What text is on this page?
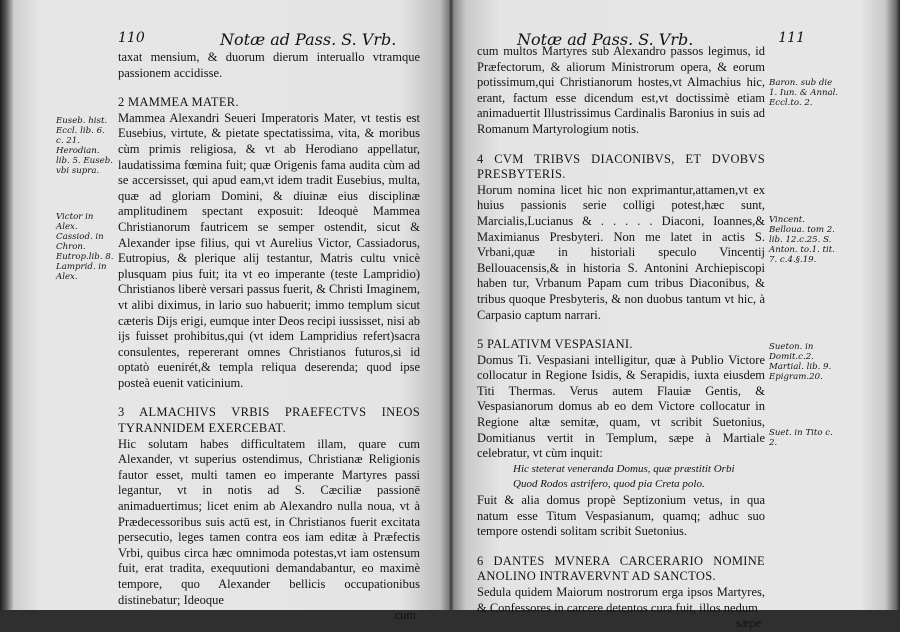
110	Notæ ad Pass. S. Vrb.
Euseb. hist. Eccl. lib. 6. c. 21. Herodian. lib. 5. Euseb. vbi supra.
Victor in Alex. Cassiod. in Chron. Eutrop.lib. 8. Lamprid. in Alex.

taxat mensium, & duorum dierum interuallo vtramque passionem accidisse.

2 MAMMEA MATER.
Mammea Alexandri Seueri Imperatoris Mater, vt testis est Eusebius, virtute, & pietate spectatissima, vita, & moribus cùm primis religiosa, & vt ab Herodiano appellatur, laudatissima fœmina fuit; quæ Origenis fama audita cùm ad se accersisset, qui apud eam,vt idem tradit Eusebius, multa, quæ ad gloriam Domini, & diuinæ eius disciplinæ amplitudinem spectant exposuit: Ideoquè Mammea Christianorum fautricem se semper ostendit, sicut & Alexander ipse filius, qui vt Aurelius Victor, Cassiadorus, Eutropius, & plerique alij testantur, Matris cultu vnicè plusquam pius fuit; ita vt eo imperante (teste Lampridio) Christianos liberè versari passus fuerit, & Christi Imaginem, vt alibi diximus, in lario suo habuerit; immo templum sicut cæteris Dijs erigi, eumque inter Deos recipi iussisset, nisi ab ijs fuisset prohibitus,qui (vt idem Lampridius refert)sacra consulentes, repererant omnes Christianos futuros,si id optatò euenirét,& templa reliqua deserenda; quod ipse posteà euenit vaticinium.

3 ALMACHIVS VRBIS PRAEFECTVS INEOS TYRANNIDEM EXERCEBAT.
Hic solutam habes difficultatem illam, quare cum Alexander, vt superius ostendimus, Christianæ Religionis fautor esset, multi tamen eo imperante Martyres passi legantur, vt in notis ad S. Cæciliæ passionē animaduertimus; licet enim ab Alexandro nulla noua, vt à Prædecessoribus suis actū est, in Christianos fuerit excitata persecutio, leges tamen contra eos iam editæ à Præfectis Vrbi, quibus circa hæc omnimoda potestas,vt iam ostensum fuit, erat tradita, exequutioni demandabantur, eo maximè tempore, quo Alexander bellicis occupationibus distinebatur; Ideoque

cum
Notæ ad Pass. S. Vrb.	111
Baron. sub die 1. Iun. & Annal. Eccl.to. 2.
Vincent. Belloua. tom 2. lib. 12.c.25. S. Anton. to.1. tit. 7. c.4.§.19.
Sueton. in Domit.c.2. Martial. lib. 9. Epigram.20.
Suet. in Tito c. 2.

cum multos Martyres sub Alexandro passos legimus, id Præfectorum, & aliorum Ministrorum opera, & eorum potissimum,qui Christianorum hostes,vt Almachius hic, erant, factum esse dicendum est,vt doctissimè etiam animaduertit Illustrissimus Cardinalis Baronius in suis ad Romanum Martyrologium notis.

4 CVM TRIBVS DIACONIBVS, ET DVOBVS PRESBYTERIS.
Horum nomina licet hic non exprimantur,attamen,vt ex huius passionis serie colligi potest,hæc sunt, Marcialis,Lucianus & . . . . . Diaconi, Ioannes,& Maximianus Presbyteri. Non me latet in actis S. Vrbani,quæ in historiali speculo Vincentij Bellouacensis,& in historia S. Antonini Archiepiscopi haben tur, Vrbanum Papam cum tribus Diaconibus, & tribus quoque Presbyteris, & non duobus tantum vt hic, à Carpasio captum narrari.

5 PALATIVM VESPASIANI.
Domus Ti. Vespasiani intelligitur, quæ à Publio Victore collocatur in Regione Isidis, & Serapidis, iuxta eiusdem Titi Thermas. Verus autem Flauiæ Gentis, & Vespasianorum domus ab eo dem Victore collocatur in Regione altæ semitæ, quam, vt scribit Suetonius, Domitianus vertit in Templum, sæpe à Martiale celebratur, vt cùm inquit:
Hic steterat veneranda Domus, quæ præstitit Orbi
Quod Rodos astrifero, quod pia Creta polo.
Fuit & alia domus propè Septizonium vetus, in qua natum esse Titum Vespasianum, quamq; adhuc suo tempore ostendi solitam scribit Suetonius.

6 DANTES MVNERA CARCERARIO NOMINE ANOLINO INTRAVERVNT AD SANCTOS.
Sedula quidem Maiorum nostrorum erga ipsos Martyres, & Confessores in carcere detentos cura fuit, illos nedum

sæpe
